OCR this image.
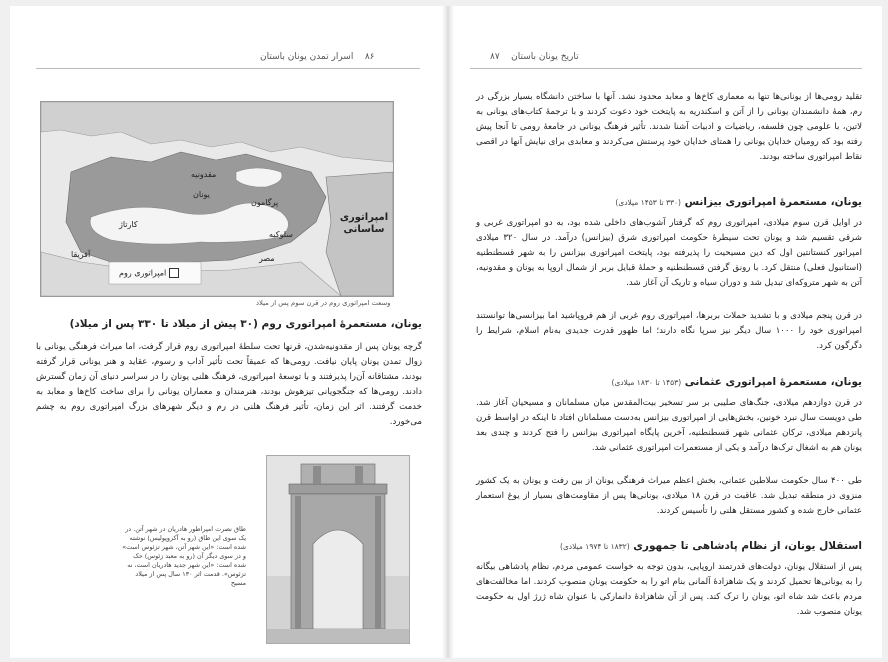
۸۶    اسرار تمدن یونان باستان
مقدونیه
یونان
پرگامون
کارتاژ
سلوکیه
مصر
آفریقا
امپراتوری ساسانی
امپراتوری روم
وسعت امپراتوری روم در قرن سوم پس از میلاد
یونان، مستعمرۀ امپراتوری روم (۳۰ پیش از میلاد تا ۳۳۰ پس از میلاد)

گرچه یونان پس از مقدونیه‌شدن، قرنها تحت سلطۀ امپراتوری روم قرار گرفت، اما میراث فرهنگی یونانی با زوال تمدن یونان پایان نیافت. رومی‌ها که عمیقاً تحت تأثیر آداب و رسوم، عقاید و هنر یونانی قرار گرفته بودند، مشتاقانه آن‌را پذیرفتند و با توسعۀ امپراتوری، فرهنگ هلنی یونان را در سراسر دنیای آن زمان گسترش دادند. رومی‌ها که جنگجویانی تیز‌هوش بودند، هنرمندان و معماران یونانی را برای ساخت کاخ‌ها و معابد به خدمت گرفتند. اثر این زمان، تأثیر فرهنگ هلنی در رم و دیگر شهرهای بزرگ امپراتوری روم به چشم می‌خورد.

طاق نصرت امپراطور هادریان در شهر آتن. در یک سوی این طاق (رو به آکروپولیس) نوشته شده است: «این شهر آتن، شهر تزئوس است» و در سوی دیگر آن (رو به معبد زئوس) حک شده است: «این شهر جدید هادریان است، نه تزئوس». قدمت اثر ۱۳۰ سال پس از میلاد مسیح

تاریخ یونان باستان    ۸۷

تقلید رومی‌ها از یونانی‌ها تنها به معماری کاخ‌ها و معابد محدود نشد. آنها با ساختن دانشگاه بسیار بزرگی در رم، همۀ دانشمندان یونانی را از آتن و اسکندریه به پایتخت خود دعوت کردند و با ترجمۀ کتاب‌های یونانی به لاتین، با علومی چون فلسفه، ریاضیات و ادبیات آشنا شدند. تأثیر فرهنگ یونانی در جامعۀ رومی تا آنجا پیش رفته بود که رومیان خدایان یونانی را همتای خدایان خود پرستش می‌کردند و معابدی برای نیایش آنها در اقصی نقاط امپراتوری ساخته بودند.

یونان، مستعمرۀ امپراتوری بیزانس (۳۳۰ تا ۱۴۵۳ میلادی)

در اوایل قرن سوم میلادی، امپراتوری روم که گرفتار آشوب‌های داخلی شده بود، به دو امپراتوری غربی و شرقی تقسیم شد و یونان تحت سیطرۀ حکومت امپراتوری شرق (بیزانس) درآمد. در سال ۳۲۰ میلادی امپراتور کنستانتین اول که دین مسیحیت را پذیرفته بود، پایتخت امپراتوری بیزانس را به شهر قسطنطنیه (استانبول فعلی) منتقل کرد. با رونق گرفتن قسطنطنیه و حملۀ قبایل بربر از شمال اروپا به یونان و مقدونیه، آتن به شهر متروکه‌ای تبدیل شد و دوران سیاه و تاریک آن آغاز شد.

در قرن پنجم میلادی و با تشدید حملات بربرها، امپراتوری روم غربی از هم فروپاشید اما بیزانسی‌ها توانستند امپراتوری خود را ۱۰۰۰ سال دیگر نیز سرپا نگاه دارند؛ اما ظهور قدرت جدیدی به‌نام اسلام، شرایط را دگرگون کرد.

یونان، مستعمرۀ امپراتوری عثمانی (۱۴۵۳ تا ۱۸۳۰ میلادی)

در قرن دوازدهم میلادی، جنگ‌های صلیبی بر سر تسخیر بیت‌المقدس میان مسلمانان و مسیحیان آغاز شد. طی دویست سال نبرد خونین، بخش‌هایی از امپراتوری بیزانس به‌دست مسلمانان افتاد تا اینکه در اواسط قرن پانزدهم میلادی، ترکان عثمانی شهر قسطنطنیه، آخرین پایگاه امپراتوری بیزانس را فتح کردند و چندی بعد یونان هم به اشغال ترک‌ها درآمد و یکی از مستعمرات امپراتوری عثمانی شد.

طی ۴۰۰ سال حکومت سلاطین عثمانی، بخش اعظم میراث فرهنگی یونان از بین رفت و یونان به یک کشور منزوی در منطقه تبدیل شد. عاقبت در قرن ۱۸ میلادی، یونانی‌ها پس از مقاومت‌های بسیار از یوغ استعمار عثمانی خارج شده و کشور مستقل هلنی را تأسیس کردند.

استقلال یونان، از نظام پادشاهی تا جمهوری (۱۸۳۲ تا ۱۹۷۴ میلادی)

پس از استقلال یونان، دولت‌های قدرتمند اروپایی، بدون توجه به خواست عمومی مردم، نظام پادشاهی بیگانه را به یونانی‌ها تحمیل کردند و یک شاهزادۀ آلمانی بنام اتو را به حکومت یونان منصوب کردند. اما مخالفت‌های مردم باعث شد شاه اتو، یونان را ترک کند. پس از آن شاهزادۀ دانمارکی با عنوان شاه ژرژ اول به حکومت یونان منصوب شد.
